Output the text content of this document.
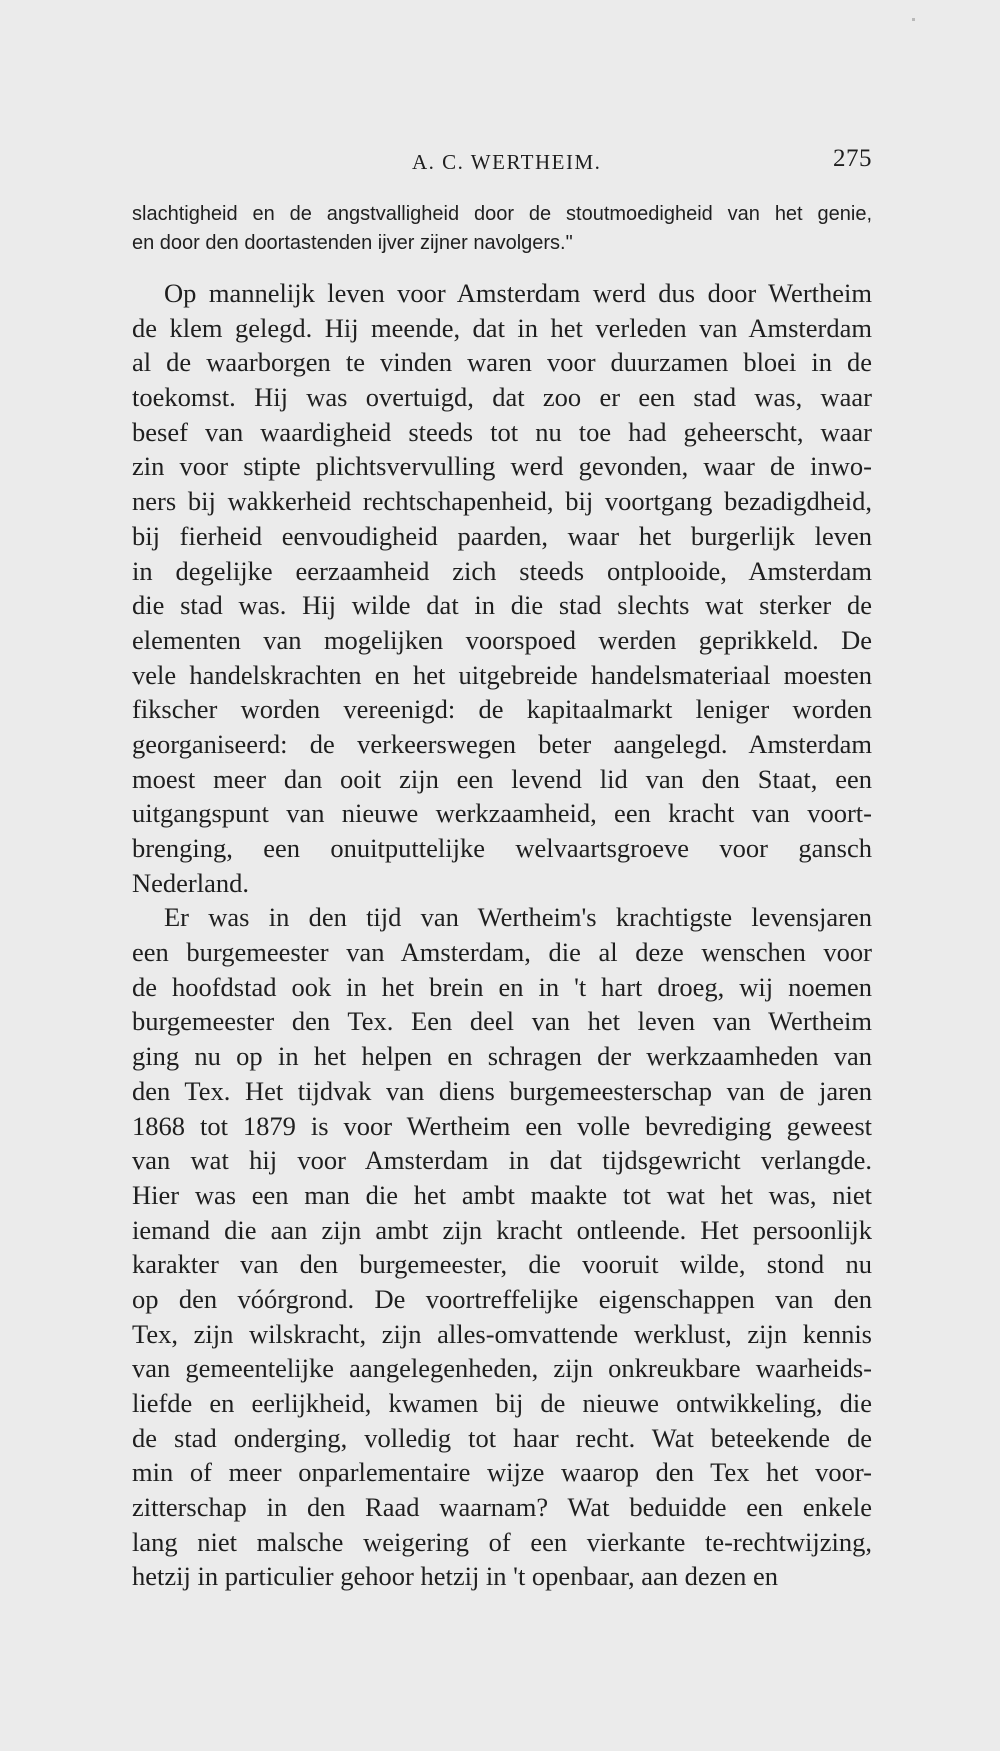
A. C. WERTHEIM.	275
slachtigheid en de angstvalligheid door de stoutmoedigheid van het genie,
en door den doortastenden ijver zijner navolgers."
Op mannelijk leven voor Amsterdam werd dus door Wertheim
de klem gelegd. Hij meende, dat in het verleden van Amsterdam
al de waarborgen te vinden waren voor duurzamen bloei in de
toekomst. Hij was overtuigd, dat zoo er een stad was, waar
besef van waardigheid steeds tot nu toe had geheerscht, waar
zin voor stipte plichtsvervulling werd gevonden, waar de inwo-
ners bij wakkerheid rechtschapenheid, bij voortgang bezadigdheid,
bij fierheid eenvoudigheid paarden, waar het burgerlijk leven
in degelijke eerzaamheid zich steeds ontplooide, Amsterdam
die stad was. Hij wilde dat in die stad slechts wat sterker de
elementen van mogelijken voorspoed werden geprikkeld. De
vele handelskrachten en het uitgebreide handelsmateriaal moesten
fikscher worden vereenigd: de kapitaalmarkt leniger worden
georganiseerd: de verkeerswegen beter aangelegd. Amsterdam
moest meer dan ooit zijn een levend lid van den Staat, een
uitgangspunt van nieuwe werkzaamheid, een kracht van voort-
brenging, een onuitputtelijke welvaartsgroeve voor gansch
Nederland.
Er was in den tijd van Wertheim's krachtigste levensjaren
een burgemeester van Amsterdam, die al deze wenschen voor
de hoofdstad ook in het brein en in 't hart droeg, wij noemen
burgemeester den Tex. Een deel van het leven van Wertheim
ging nu op in het helpen en schragen der werkzaamheden van
den Tex. Het tijdvak van diens burgemeesterschap van de jaren
1868 tot 1879 is voor Wertheim een volle bevrediging geweest
van wat hij voor Amsterdam in dat tijdsgewricht verlangde.
Hier was een man die het ambt maakte tot wat het was, niet
iemand die aan zijn ambt zijn kracht ontleende. Het persoonlijk
karakter van den burgemeester, die vooruit wilde, stond nu
op den vóórgrond. De voortreffelijke eigenschappen van den
Tex, zijn wilskracht, zijn alles-omvattende werklust, zijn kennis
van gemeentelijke aangelegenheden, zijn onkreukbare waarheids-
liefde en eerlijkheid, kwamen bij de nieuwe ontwikkeling, die
de stad onderging, volledig tot haar recht. Wat beteekende de
min of meer onparlementaire wijze waarop den Tex het voor-
zitterschap in den Raad waarnam? Wat beduidde een enkele
lang niet malsche weigering of een vierkante te-rechtwijzing,
hetzij in particulier gehoor hetzij in 't openbaar, aan dezen en
